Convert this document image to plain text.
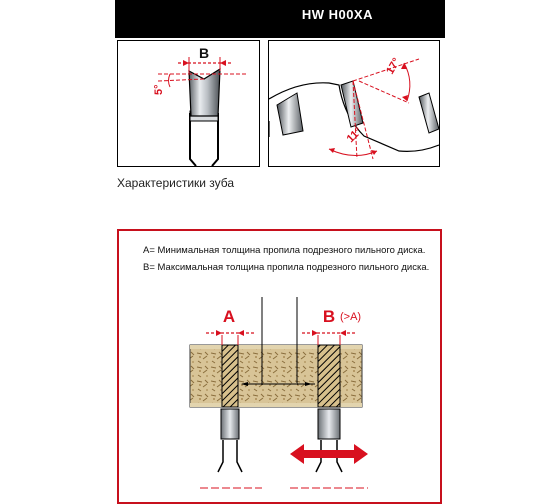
HW H00XA
B
5°
17°
11°
Характеристики зуба
A= Минимальная толщина пропила подрезного пильного диска.
B= Максимальная толщина пропила подрезного пильного диска.
A	B (>A)
